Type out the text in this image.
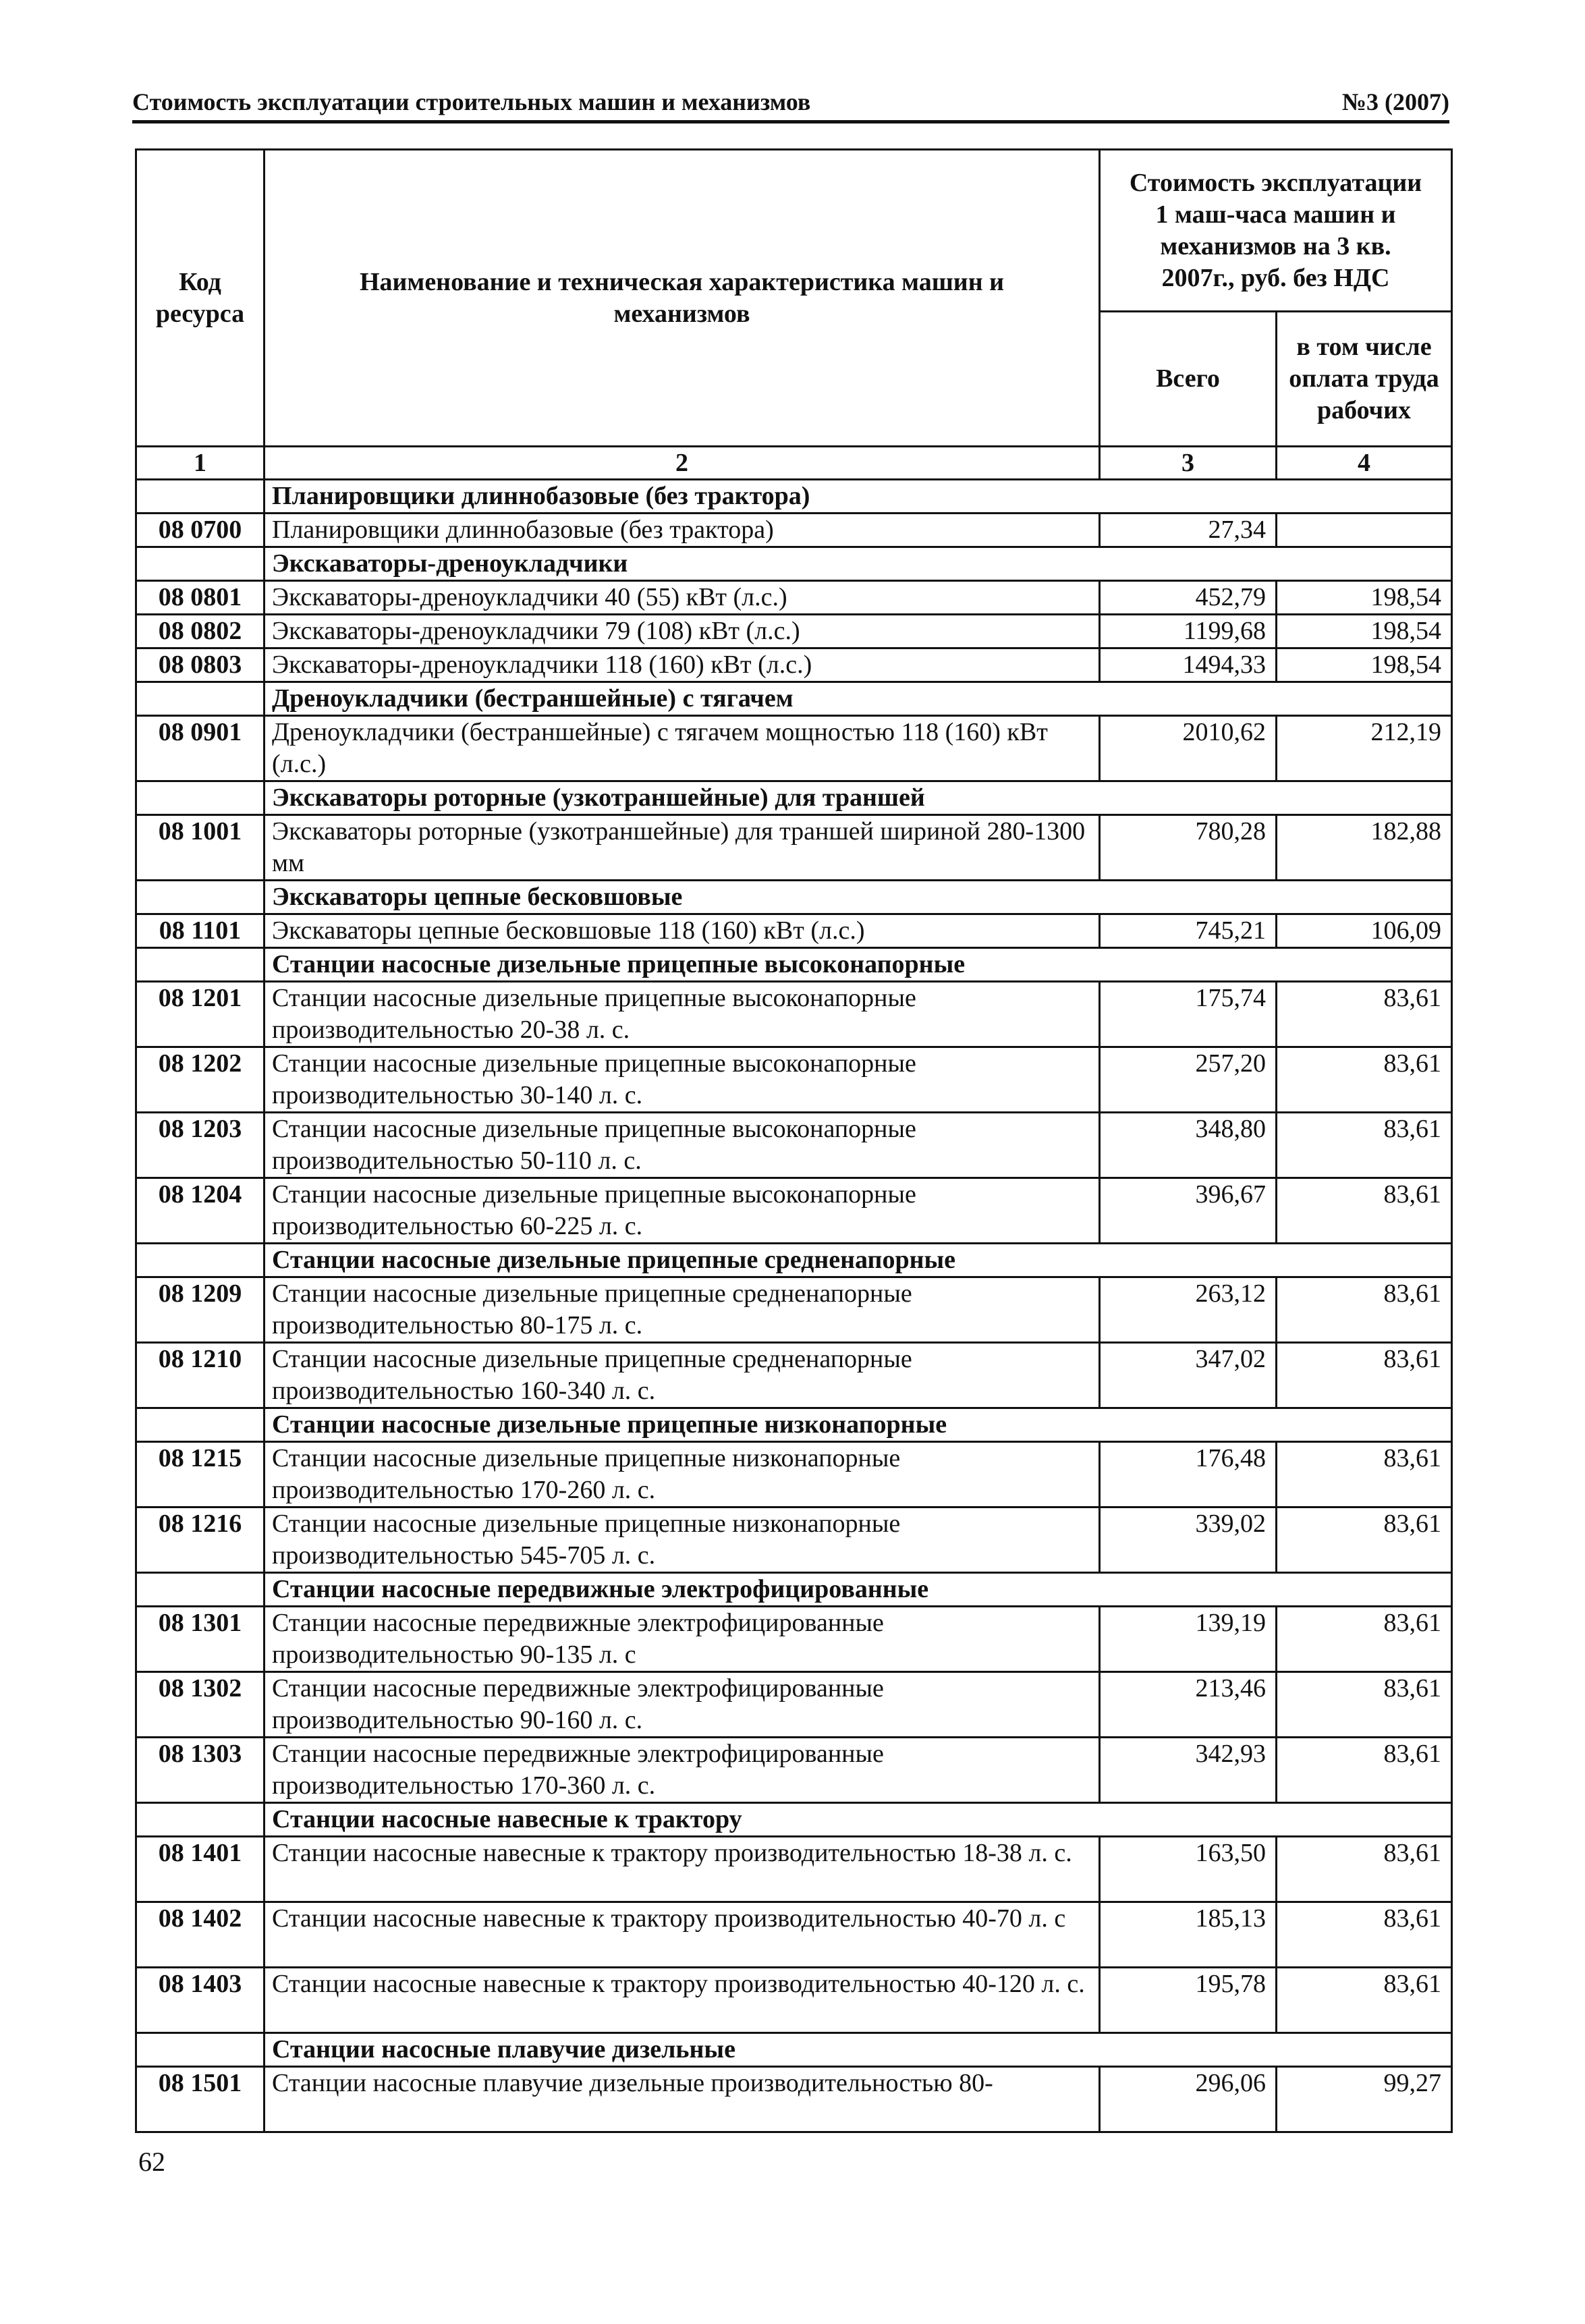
Стоимость эксплуатации строительных машин и механизмов	№3 (2007)
Код ресурса	Наименование и техническая характеристика машин и механизмов	Стоимость эксплуатации 1 маш-часа машин и механизмов на 3 кв. 2007г., руб. без НДС	
		Всего	в том числе оплата труда рабочих
1	2	3	4
	Планировщики длиннобазовые (без трактора)		
08 0700	Планировщики длиннобазовые (без трактора)	27,34	
	Экскаваторы-дреноукладчики		
08 0801	Экскаваторы-дреноукладчики 40 (55) кВт (л.с.)	452,79	198,54
08 0802	Экскаваторы-дреноукладчики 79 (108) кВт (л.с.)	1199,68	198,54
08 0803	Экскаваторы-дреноукладчики 118 (160) кВт (л.с.)	1494,33	198,54
	Дреноукладчики (бестраншейные) с тягачем		
08 0901	Дреноукладчики (бестраншейные) с тягачем мощностью 118 (160) кВт (л.с.)	2010,62	212,19
	Экскаваторы роторные (узкотраншейные) для траншей		
08 1001	Экскаваторы роторные (узкотраншейные) для траншей шириной 280-1300 мм	780,28	182,88
	Экскаваторы цепные бесковшовые		
08 1101	Экскаваторы цепные бесковшовые 118 (160) кВт (л.с.)	745,21	106,09
	Станции насосные дизельные прицепные высоконапорные		
08 1201	Станции насосные дизельные прицепные высоконапорные производительностью 20-38 л. с.	175,74	83,61
08 1202	Станции насосные дизельные прицепные высоконапорные производительностью 30-140 л. с.	257,20	83,61
08 1203	Станции насосные дизельные прицепные высоконапорные производительностью 50-110 л. с.	348,80	83,61
08 1204	Станции насосные дизельные прицепные высоконапорные производительностью 60-225 л. с.	396,67	83,61
	Станции насосные дизельные прицепные средненапорные		
08 1209	Станции насосные дизельные прицепные средненапорные производительностью 80-175 л. с.	263,12	83,61
08 1210	Станции насосные дизельные прицепные средненапорные производительностью 160-340 л. с.	347,02	83,61
	Станции насосные дизельные прицепные низконапорные		
08 1215	Станции насосные дизельные прицепные низконапорные производительностью 170-260 л. с.	176,48	83,61
08 1216	Станции насосные дизельные прицепные низконапорные производительностью 545-705 л. с.	339,02	83,61
	Станции насосные передвижные электрофицированные		
08 1301	Станции насосные передвижные электрофицированные производительностью 90-135 л. с	139,19	83,61
08 1302	Станции насосные передвижные электрофицированные производительностью 90-160 л. с.	213,46	83,61
08 1303	Станции насосные передвижные электрофицированные производительностью 170-360 л. с.	342,93	83,61
	Станции насосные навесные к трактору		
08 1401	Станции насосные навесные к трактору производительностью 18-38 л. с.	163,50	83,61
08 1402	Станции насосные навесные к трактору производительностью 40-70 л. с	185,13	83,61
08 1403	Станции насосные навесные к трактору производительностью 40-120 л. с.	195,78	83,61
	Станции насосные плавучие дизельные		
08 1501	Станции насосные плавучие дизельные производительностью 80-	296,06	99,27
62
